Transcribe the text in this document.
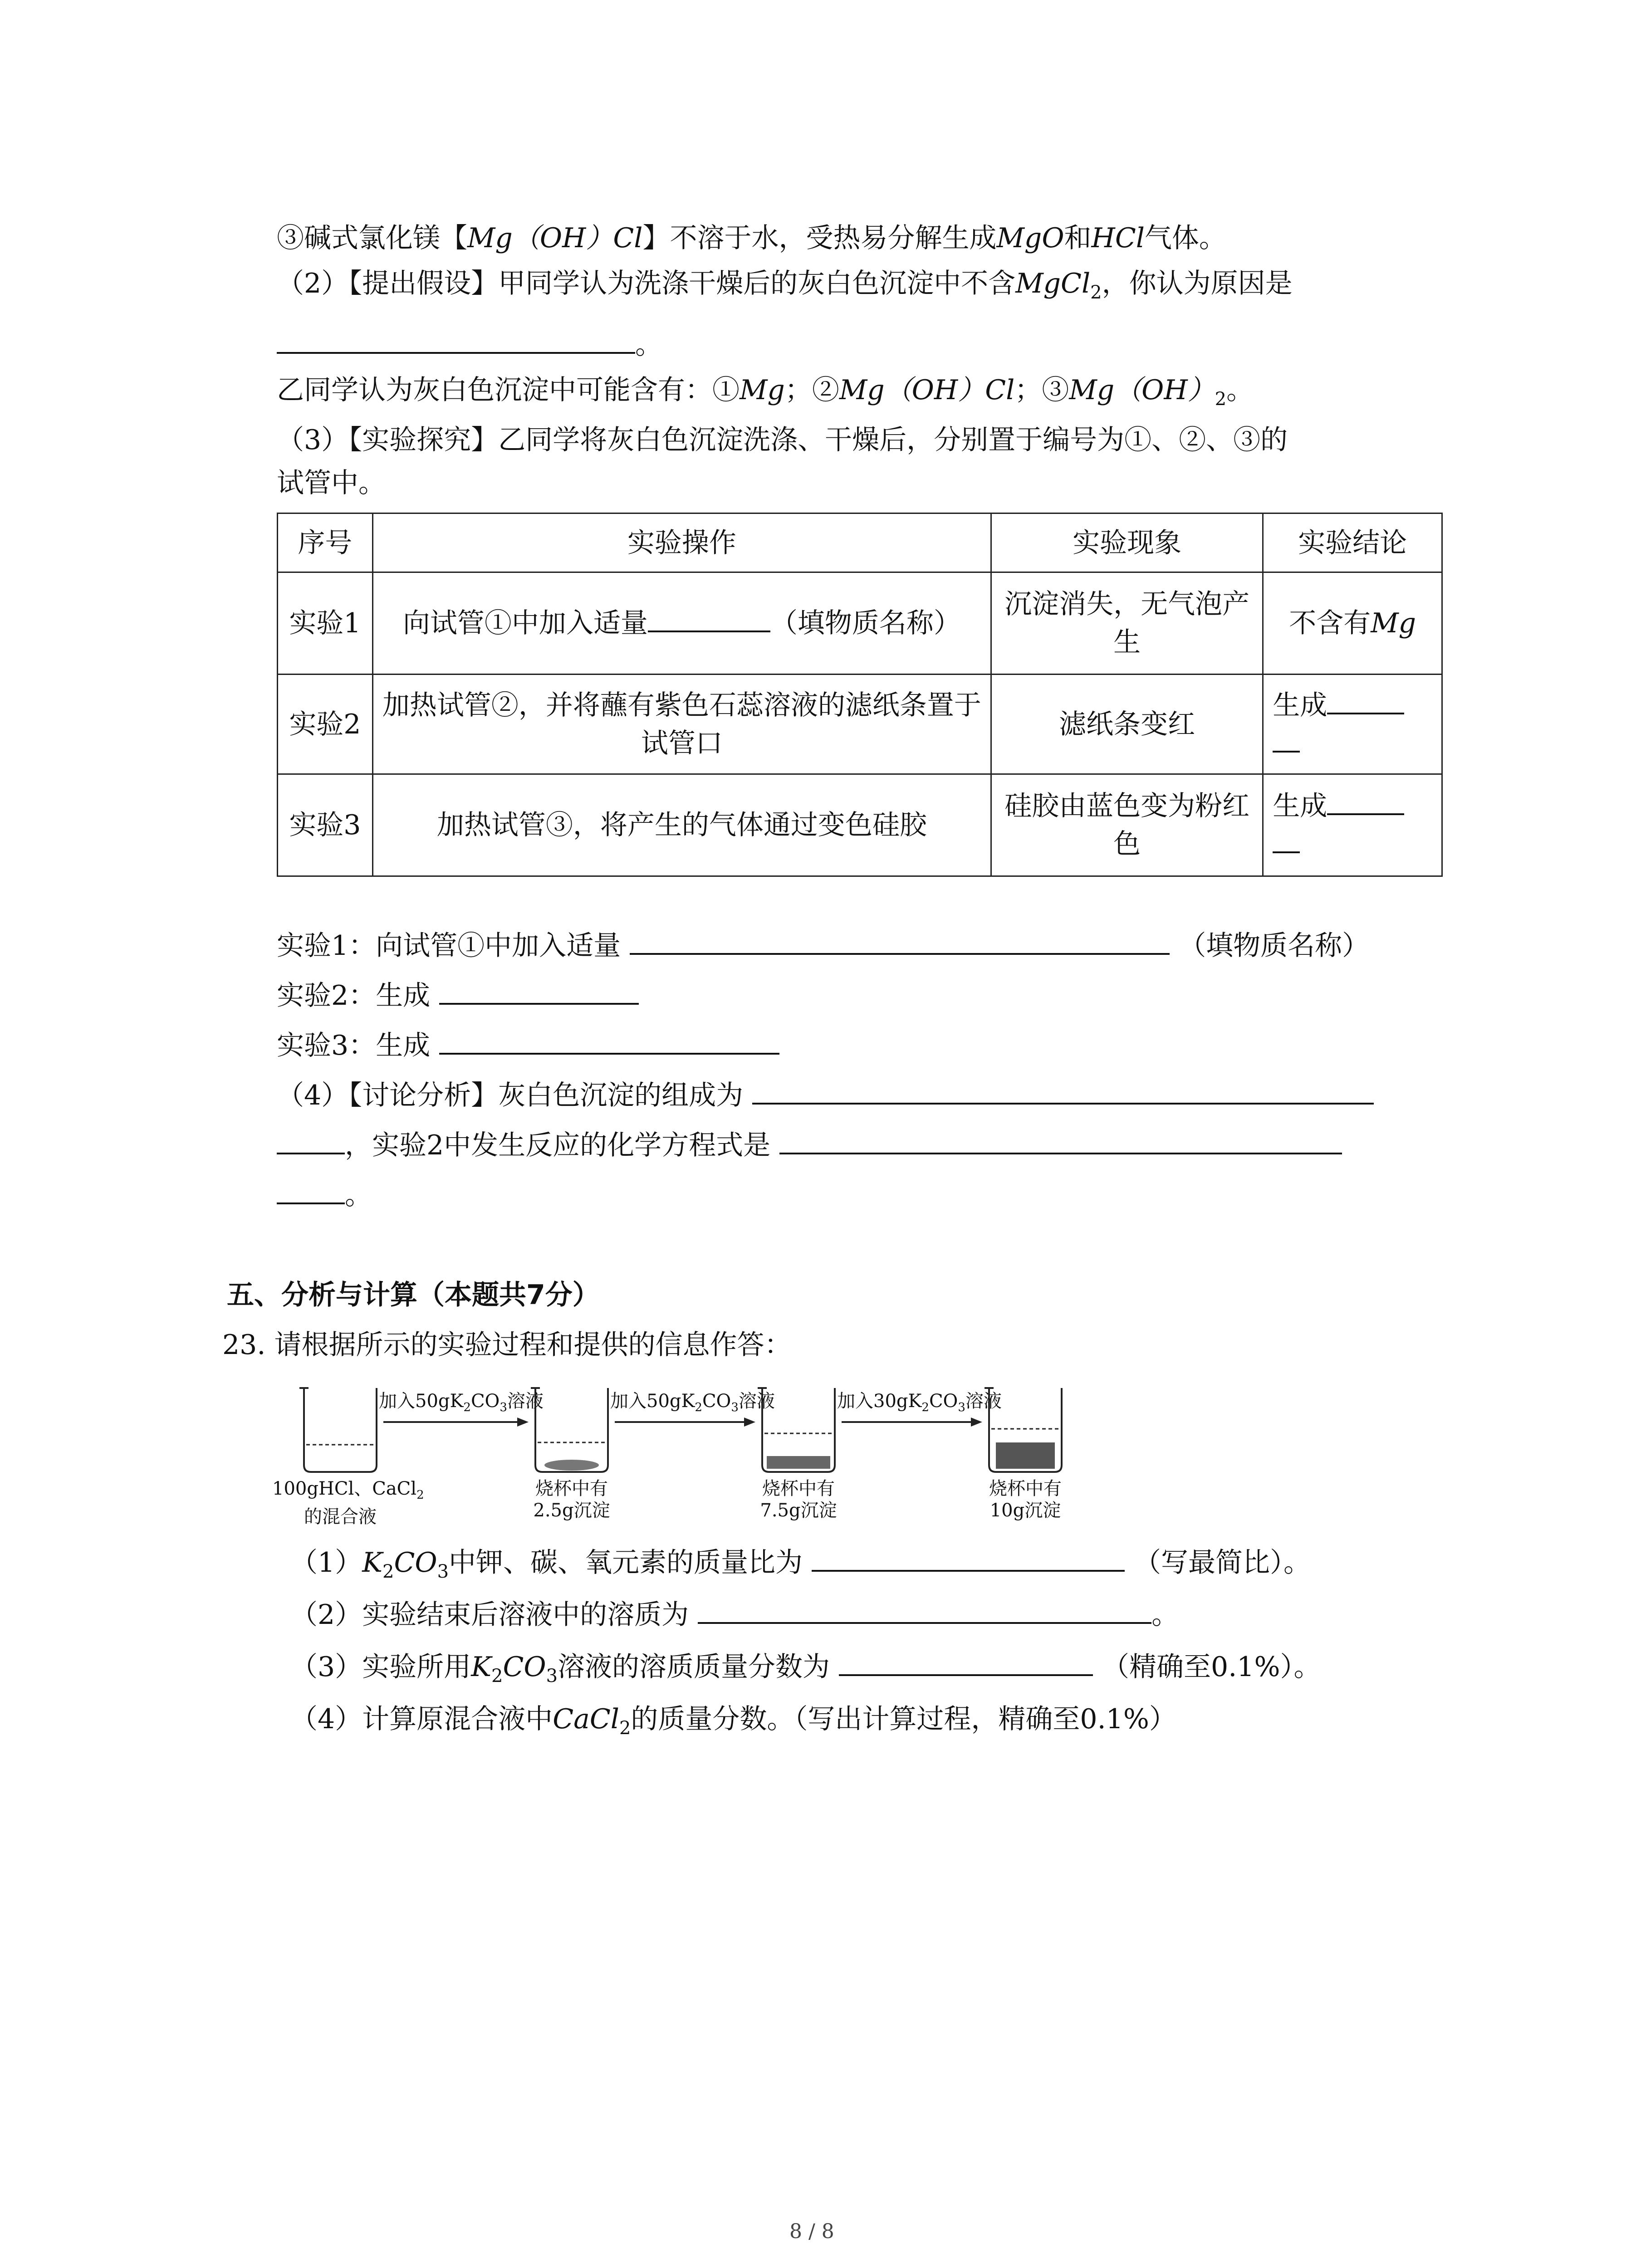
③碱式氯化镁【Mg（OH）Cl】不溶于水，受热易分解生成MgO和HCl气体。
（2）【提出假设】甲同学认为洗涤干燥后的灰白色沉淀中不含MgCl$_2$，你认为原因是
。
乙同学认为灰白色沉淀中可能含有：①Mg；②Mg（OH）Cl；$③Mg(OH)_2$。
（3）【实验探究】乙同学将灰白色沉淀洗涤、干燥后，分别置于编号为①、②、③的
试管中。
序号	实验操作	实验现象	实验结论
实验1	向试管①中加入适量 （填物质名称）	沉淀消失，无气泡产生	不含有Mg
实验2	加热试管②，并将蘸有紫色石蕊溶液的滤纸条置于试管口	滤纸条变红	生成

实验3	加热试管③，将产生的气体通过变色硅胶	硅胶由蓝色变为粉红色	生成

实验1：向试管①中加入适量	（填物质名称）
实验2：生成
实验3：生成
（4）【讨论分析】灰白色沉淀的组成为
，实验2中发生反应的化学方程式是
。
五、分析与计算（本题共7分）
23. 请根据所示的实验过程和提供的信息作答：
加入$50gK_2CO_3$溶液	加入$50gK_2CO_3$溶液	加入$30gK_2CO_3$溶液
100gHCl、CaCl$_2$
的混合液
烧杯中有
2.5g沉淀
烧杯中有
7.5g沉淀
烧杯中有
10g沉淀
$(1)K_2CO_3$中钾、碳、氧元素的质量比为	（写最简比）。
（2）实验结束后溶液中的溶质为	。
（3）实验所用$K_2CO_3$溶液的溶质质量分数为	（精确至0.1%）。
（4）计算原混合液中CaCl$_2$的质量分数。（写出计算过程，精确至0.1%）
8 / 8
